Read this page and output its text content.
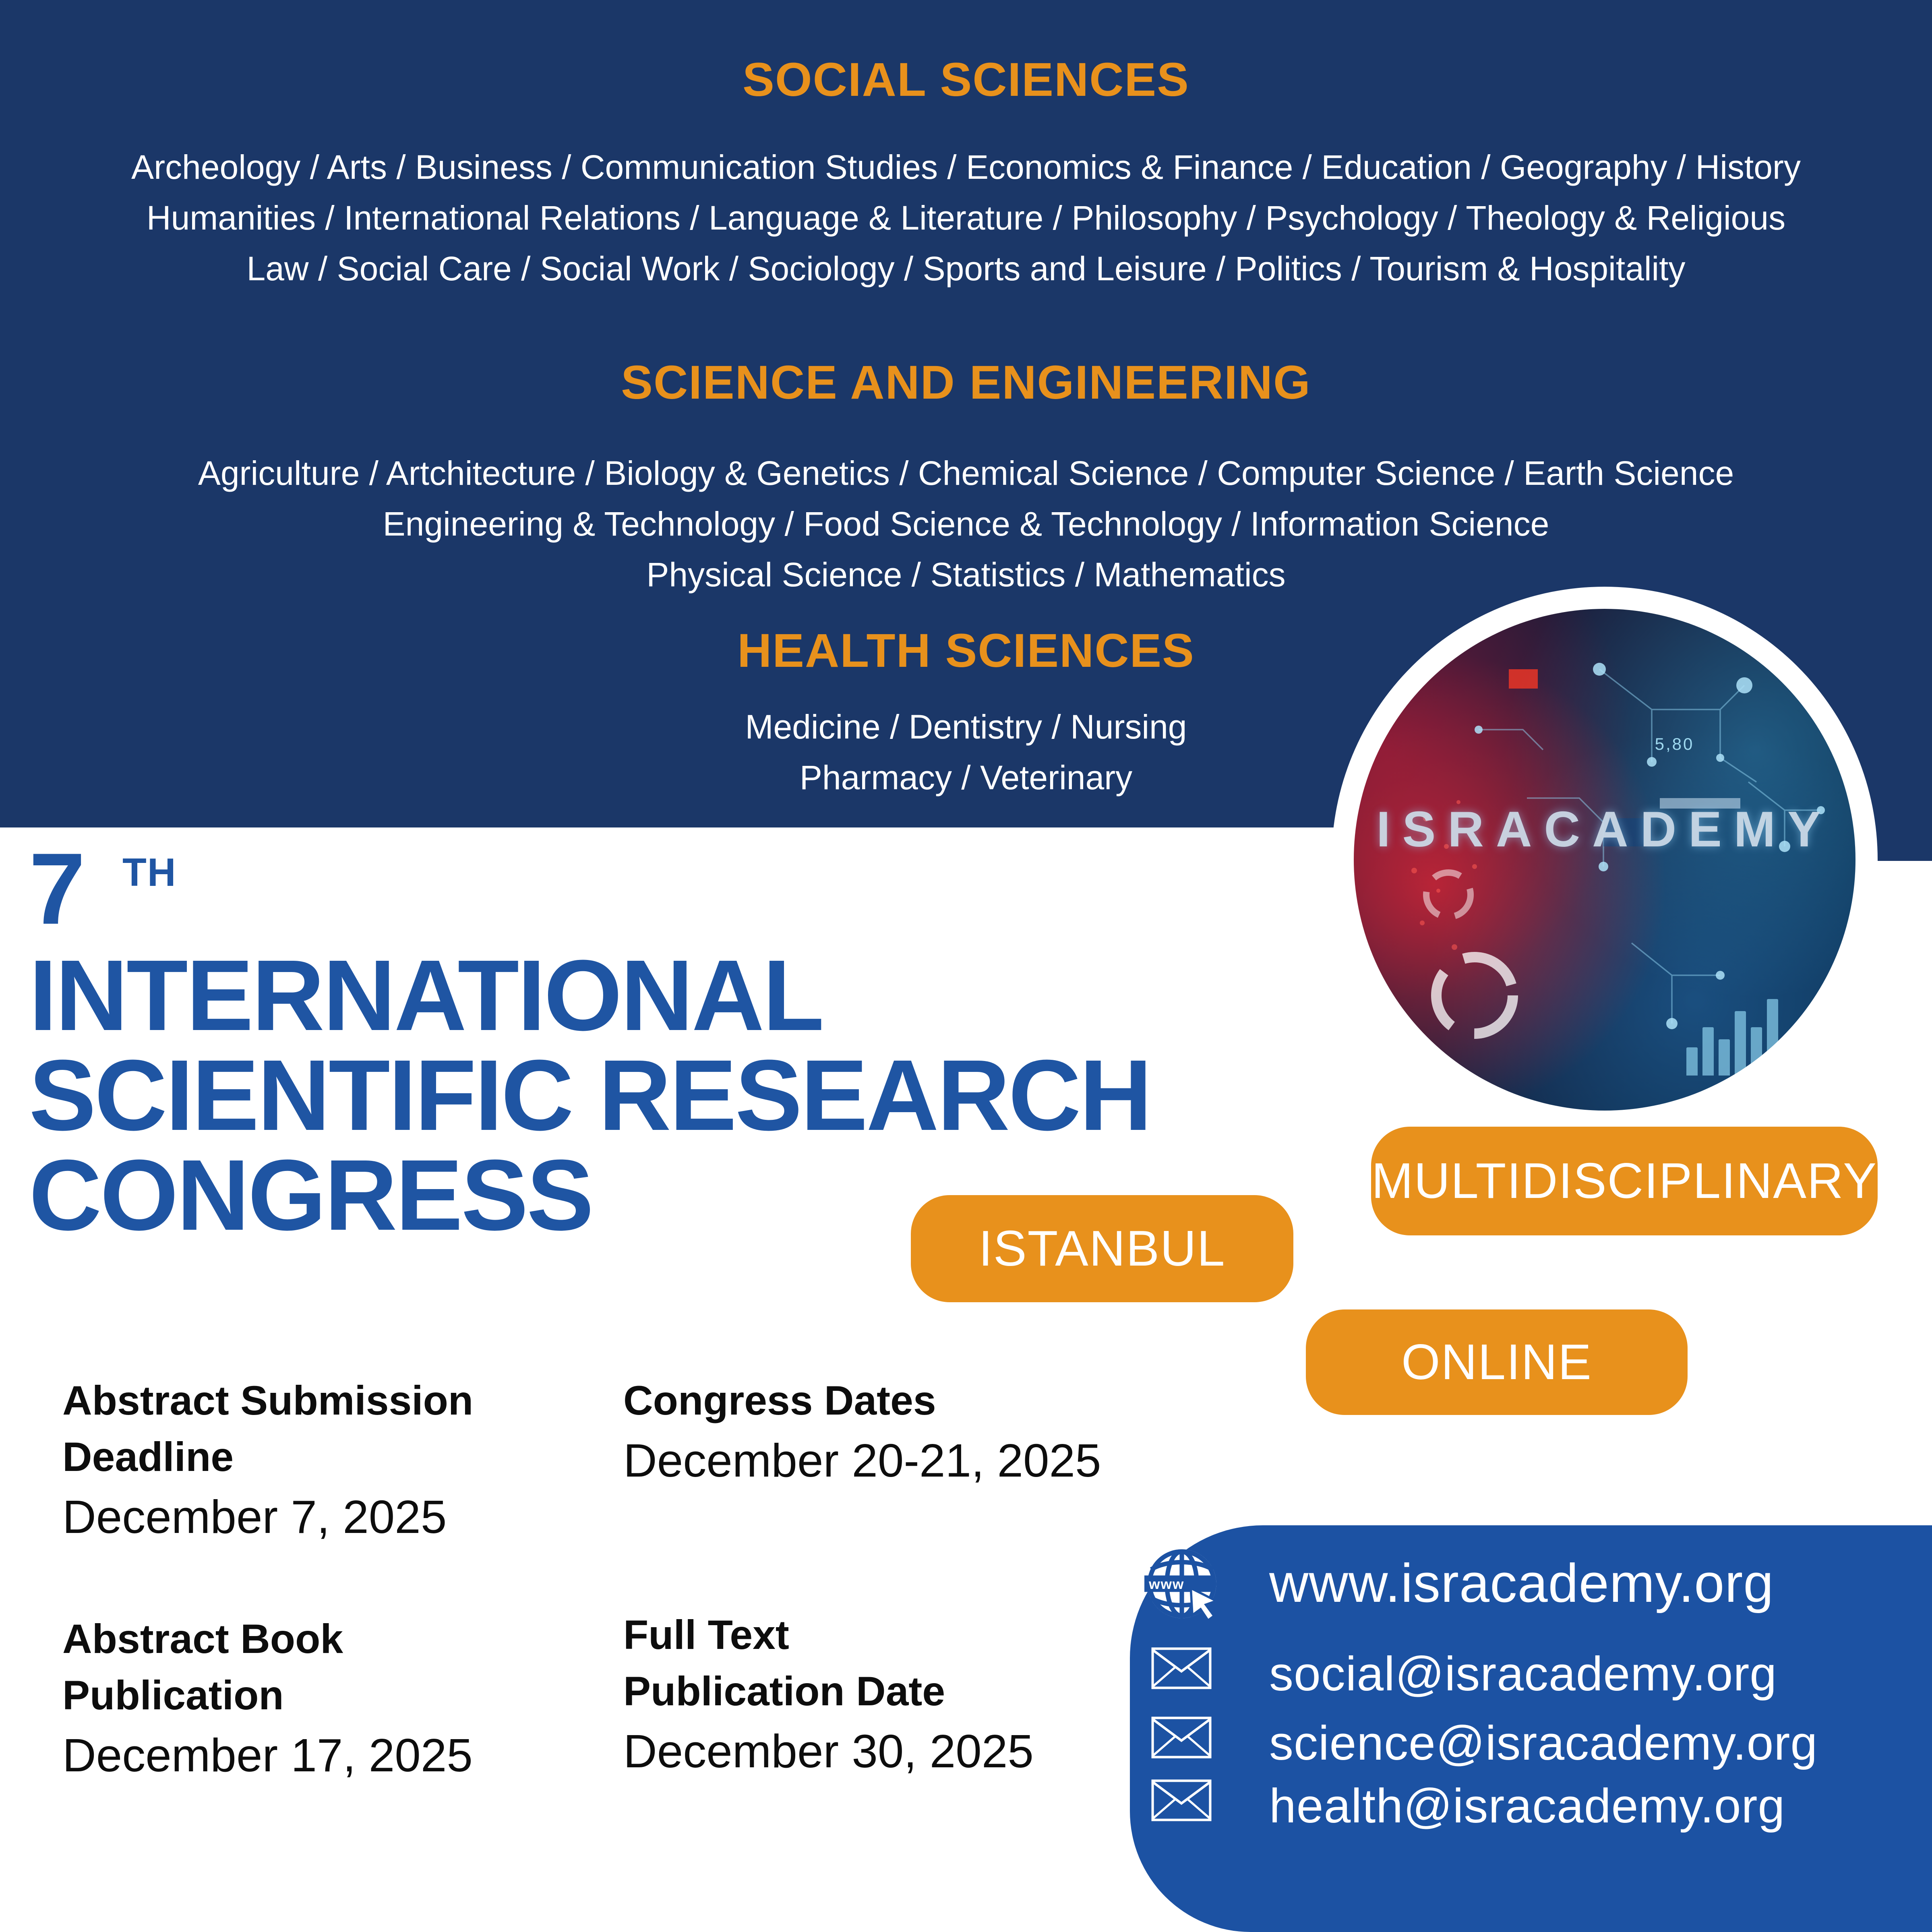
SOCIAL SCIENCES
Archeology / Arts / Business / Communication Studies / Economics & Finance / Education / Geography / History
Humanities / International Relations / Language & Literature / Philosophy / Psychology / Theology & Religious
Law / Social Care / Social Work / Sociology / Sports and Leisure / Politics / Tourism & Hospitality
SCIENCE AND ENGINEERING
Agriculture / Artchitecture / Biology & Genetics / Chemical Science / Computer Science / Earth Science
Engineering & Technology / Food Science & Technology / Information Science
Physical Science / Statistics / Mathematics
HEALTH SCIENCES
Medicine / Dentistry / Nursing
Pharmacy / Veterinary
ISRACADEMY
5,80
7 TH
INTERNATIONAL
SCIENTIFIC RESEARCH
CONGRESS	ISTANBUL
MULTIDISCIPLINARY
ONLINE
Abstract Submission
Deadline
December 7, 2025
Congress Dates
December 20-21, 2025
Abstract Book
Publication
December 17, 2025
Full Text
Publication Date
December 30, 2025
www www.isracademy.org
social@isracademy.org
science@isracademy.org
health@isracademy.org
